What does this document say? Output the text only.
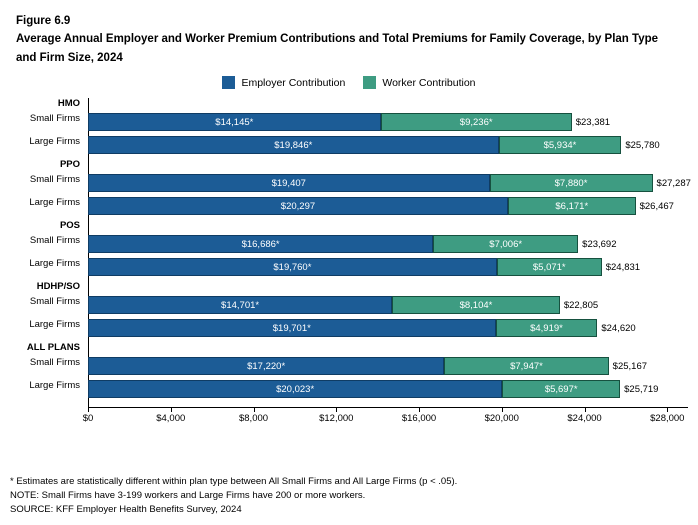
Figure 6.9
Average Annual Employer and Worker Premium Contributions and Total Premiums for Family Coverage, by Plan Type and Firm Size, 2024
Employer Contribution	Worker Contribution
HMO
Small Firms	$14,145*	$9,236*	$23,381
Large Firms	$19,846*	$5,934*	$25,780
PPO
Small Firms	$19,407	$7,880*	$27,287
Large Firms	$20,297	$6,171*	$26,467
POS
Small Firms	$16,686*	$7,006*	$23,692
Large Firms	$19,760*	$5,071*	$24,831
HDHP/SO
Small Firms	$14,701*	$8,104*	$22,805
Large Firms	$19,701*	$4,919*	$24,620
ALL PLANS
Small Firms	$17,220*	$7,947*	$25,167
Large Firms	$20,023*	$5,697*	$25,719
$0	$4,000	$8,000	$12,000	$16,000	$20,000	$24,000	$28,000
* Estimates are statistically different within plan type between All Small Firms and All Large Firms (p < .05).
NOTE: Small Firms have 3-199 workers and Large Firms have 200 or more workers.
SOURCE: KFF Employer Health Benefits Survey, 2024
